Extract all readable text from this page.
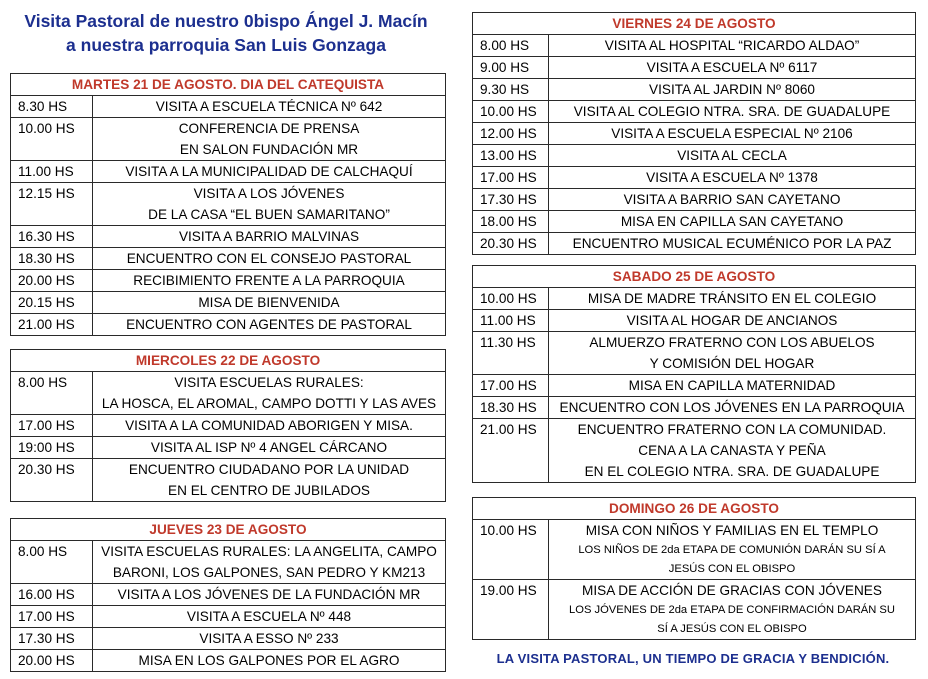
Visita Pastoral de nuestro 0bispo Ángel J. Macín
a nuestra parroquia San Luis Gonzaga
MARTES 21 DE AGOSTO. DIA DEL CATEQUISTA	
8.30 HS	VISITA A ESCUELA TÉCNICA Nº 642

10.00 HS	CONFERENCIA DE PRENSA
EN SALON FUNDACIÓN MR

11.00 HS	VISITA A LA MUNICIPALIDAD DE CALCHAQUÍ

12.15 HS	VISITA A LOS JÓVENES
DE LA CASA “EL BUEN SAMARITANO”

16.30 HS	VISITA A BARRIO MALVINAS

18.30 HS	ENCUENTRO CON EL CONSEJO PASTORAL

20.00 HS	RECIBIMIENTO FRENTE A LA PARROQUIA

20.15 HS	MISA DE BIENVENIDA

21.00 HS	ENCUENTRO CON AGENTES DE PASTORAL
MIERCOLES 22 DE AGOSTO	
8.00 HS	VISITA ESCUELAS RURALES:
LA HOSCA, EL AROMAL, CAMPO DOTTI Y LAS AVES

17.00 HS	VISITA A LA COMUNIDAD ABORIGEN Y MISA.

19:00 HS	VISITA AL ISP Nº 4 ANGEL CÁRCANO

20.30 HS	ENCUENTRO CIUDADANO POR LA UNIDAD
EN EL CENTRO DE JUBILADOS
JUEVES 23 DE AGOSTO	
8.00 HS	VISITA ESCUELAS RURALES: LA ANGELITA, CAMPO
BARONI, LOS GALPONES, SAN PEDRO Y KM213

16.00 HS	VISITA A LOS JÓVENES DE LA FUNDACIÓN MR

17.00 HS	VISITA A ESCUELA Nº 448

17.30 HS	VISITA A ESSO Nº 233

20.00 HS	MISA EN LOS GALPONES POR EL AGRO
VIERNES 24 DE AGOSTO	
8.00 HS	VISITA AL HOSPITAL “RICARDO ALDAO”

9.00 HS	VISITA A ESCUELA Nº 6117

9.30 HS	VISITA AL JARDIN Nº 8060

10.00 HS	VISITA AL COLEGIO NTRA. SRA. DE GUADALUPE

12.00 HS	VISITA A ESCUELA ESPECIAL Nº 2106

13.00 HS	VISITA AL CECLA

17.00 HS	VISITA A ESCUELA Nº 1378

17.30 HS	VISITA A BARRIO SAN CAYETANO

18.00 HS	MISA EN CAPILLA SAN CAYETANO

20.30 HS	ENCUENTRO MUSICAL ECUMÉNICO POR LA PAZ
SABADO 25 DE AGOSTO	
10.00 HS	MISA DE MADRE TRÁNSITO EN EL COLEGIO

11.00 HS	VISITA AL HOGAR DE ANCIANOS

11.30 HS	ALMUERZO FRATERNO CON LOS ABUELOS
Y COMISIÓN DEL HOGAR

17.00 HS	MISA EN CAPILLA MATERNIDAD

18.30 HS	ENCUENTRO CON LOS JÓVENES EN LA PARROQUIA

21.00 HS	ENCUENTRO FRATERNO CON LA COMUNIDAD.
CENA A LA CANASTA Y PEÑA
EN EL COLEGIO NTRA. SRA. DE GUADALUPE
DOMINGO 26 DE AGOSTO	
10.00 HS	MISA CON NIÑOS Y FAMILIAS EN EL TEMPLO
LOS NIÑOS DE 2da ETAPA DE COMUNIÓN DARÁN SU SÍ A
JESÚS CON EL OBISPO

19.00 HS	MISA DE ACCIÓN DE GRACIAS CON JÓVENES
LOS JÓVENES DE 2da ETAPA DE CONFIRMACIÓN DARÁN SU
SÍ A JESÚS CON EL OBISPO
LA VISITA PASTORAL, UN TIEMPO DE GRACIA Y BENDICIÓN.
